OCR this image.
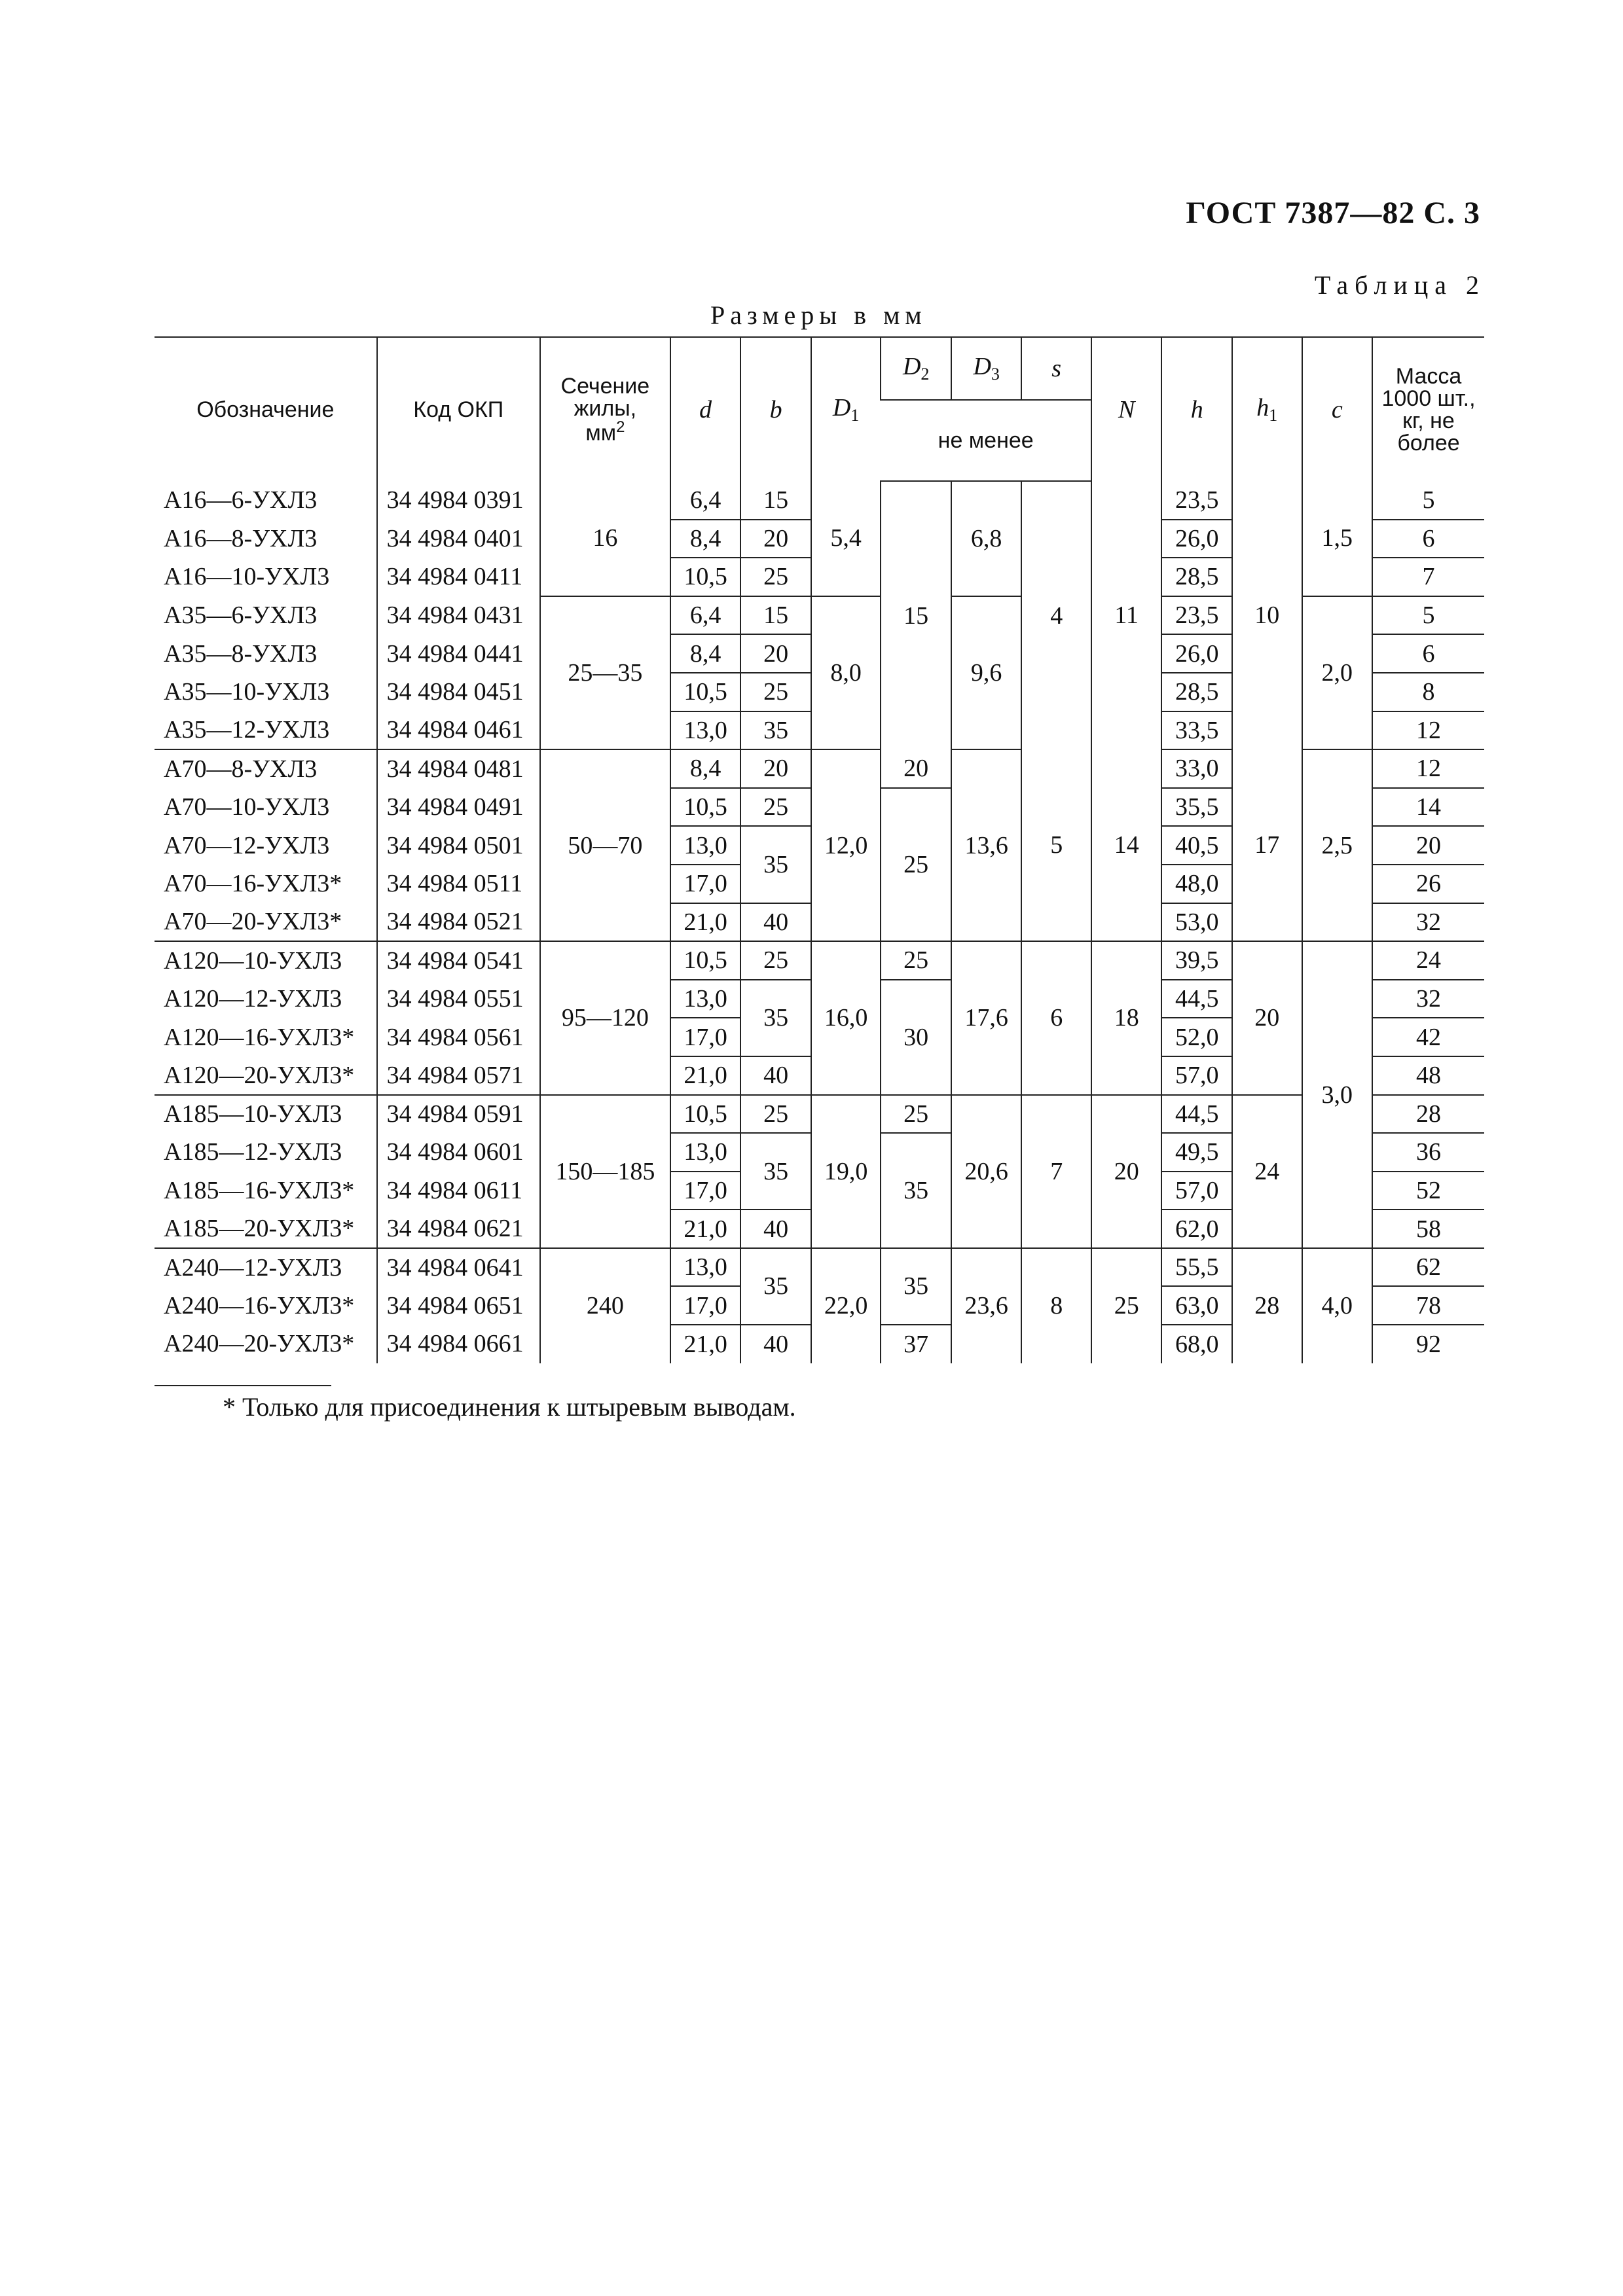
ГОСТ 7387—82 С. 3
Таблица 2
Размеры в мм
Обозначение	Код ОКП	Сечение
жилы,
$мм^2$	d	b	$D_1$	$D_2$	$D_3$	s	N	h	$h_1$	c	Масса
1000 шт.,
кг, не
более
						не менее							
А16—6-УХЛ3	34 4984 0391	16	6,4	15	5,4	15	6,8	4	11	23,5	10	1,5	5
А16—8-УХЛ3	34 4984 0401		8,4	20						26,0			6
А16—10-УХЛ3	34 4984 0411		10,5	25						28,5			7
А35—6-УХЛ3	34 4984 0431	25—35	6,4	15	8,0		9,6			23,5		2,0	5
А35—8-УХЛ3	34 4984 0441		8,4	20						26,0			6
А35—10-УХЛ3	34 4984 0451		10,5	25						28,5			8
А35—12-УХЛ3	34 4984 0461		13,0	35						33,5			12
А70—8-УХЛ3	34 4984 0481	50—70	8,4	20	12,0	20	13,6	5	14	33,0	17	2,5	12
А70—10-УХЛ3	34 4984 0491		10,5	25		25				35,5			14
А70—12-УХЛ3	34 4984 0501		13,0	35						40,5			20
А70—16-УХЛ3*	34 4984 0511		17,0							48,0			26
А70—20-УХЛ3*	34 4984 0521		21,0	40						53,0			32
А120—10-УХЛ3	34 4984 0541	95—120	10,5	25	16,0	25	17,6	6	18	39,5	20	3,0	24
А120—12-УХЛ3	34 4984 0551		13,0	35		30				44,5			32
А120—16-УХЛ3*	34 4984 0561		17,0							52,0			42
А120—20-УХЛ3*	34 4984 0571		21,0	40						57,0			48
А185—10-УХЛ3	34 4984 0591	150—185	10,5	25	19,0	25	20,6	7	20	44,5	24		28
А185—12-УХЛ3	34 4984 0601		13,0	35		35				49,5			36
А185—16-УХЛ3*	34 4984 0611		17,0							57,0			52
А185—20-УХЛ3*	34 4984 0621		21,0	40						62,0			58
А240—12-УХЛ3	34 4984 0641	240	13,0	35	22,0	35	23,6	8	25	55,5	28	4,0	62
А240—16-УХЛ3*	34 4984 0651		17,0							63,0			78
А240—20-УХЛ3*	34 4984 0661		21,0	40		37				68,0			92
* Только для присоединения к штыревым выводам.
